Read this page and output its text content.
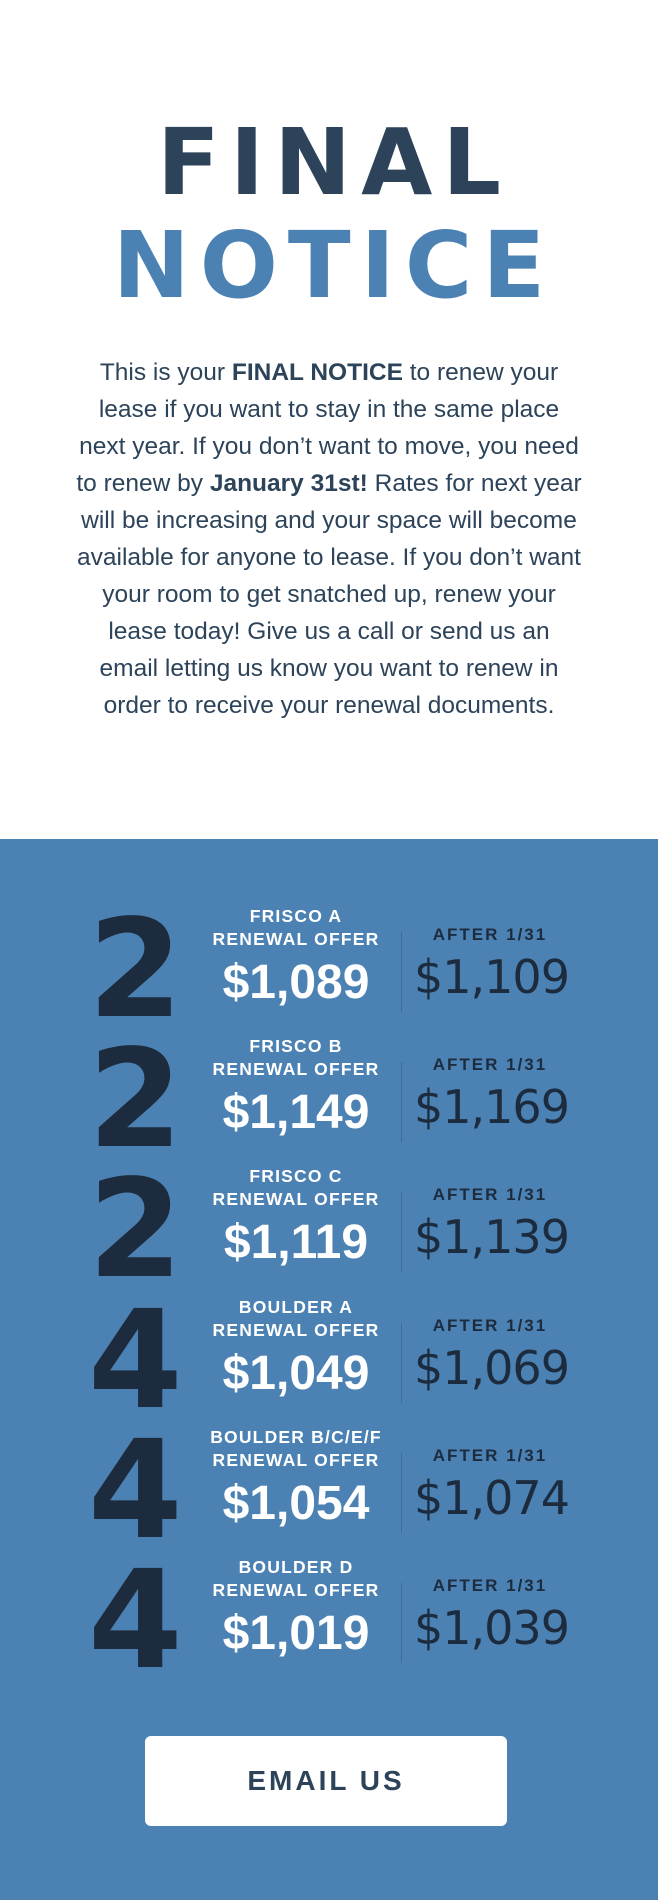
FINAL
NOTICE

This is your FINAL NOTICE to renew your lease if you want to stay in the same place next year. If you don’t want to move, you need to renew by January 31st! Rates for next year will be increasing and your space will become available for anyone to lease. If you don’t want your room to get snatched up, renew your lease today! Give us a call or send us an email letting us know you want to renew in order to receive your renewal documents.

2	FRISCO A
RENEWAL OFFER
$1,089
AFTER 1/31
$1,109
2	FRISCO B
RENEWAL OFFER
$1,149
AFTER 1/31
$1,169
2	FRISCO C
RENEWAL OFFER
$1,119
AFTER 1/31
$1,139
4	BOULDER A
RENEWAL OFFER
$1,049
AFTER 1/31
$1,069
4	BOULDER B/C/E/F
RENEWAL OFFER
$1,054
AFTER 1/31
$1,074
4	BOULDER D
RENEWAL OFFER
$1,019
AFTER 1/31
$1,039
EMAIL US
